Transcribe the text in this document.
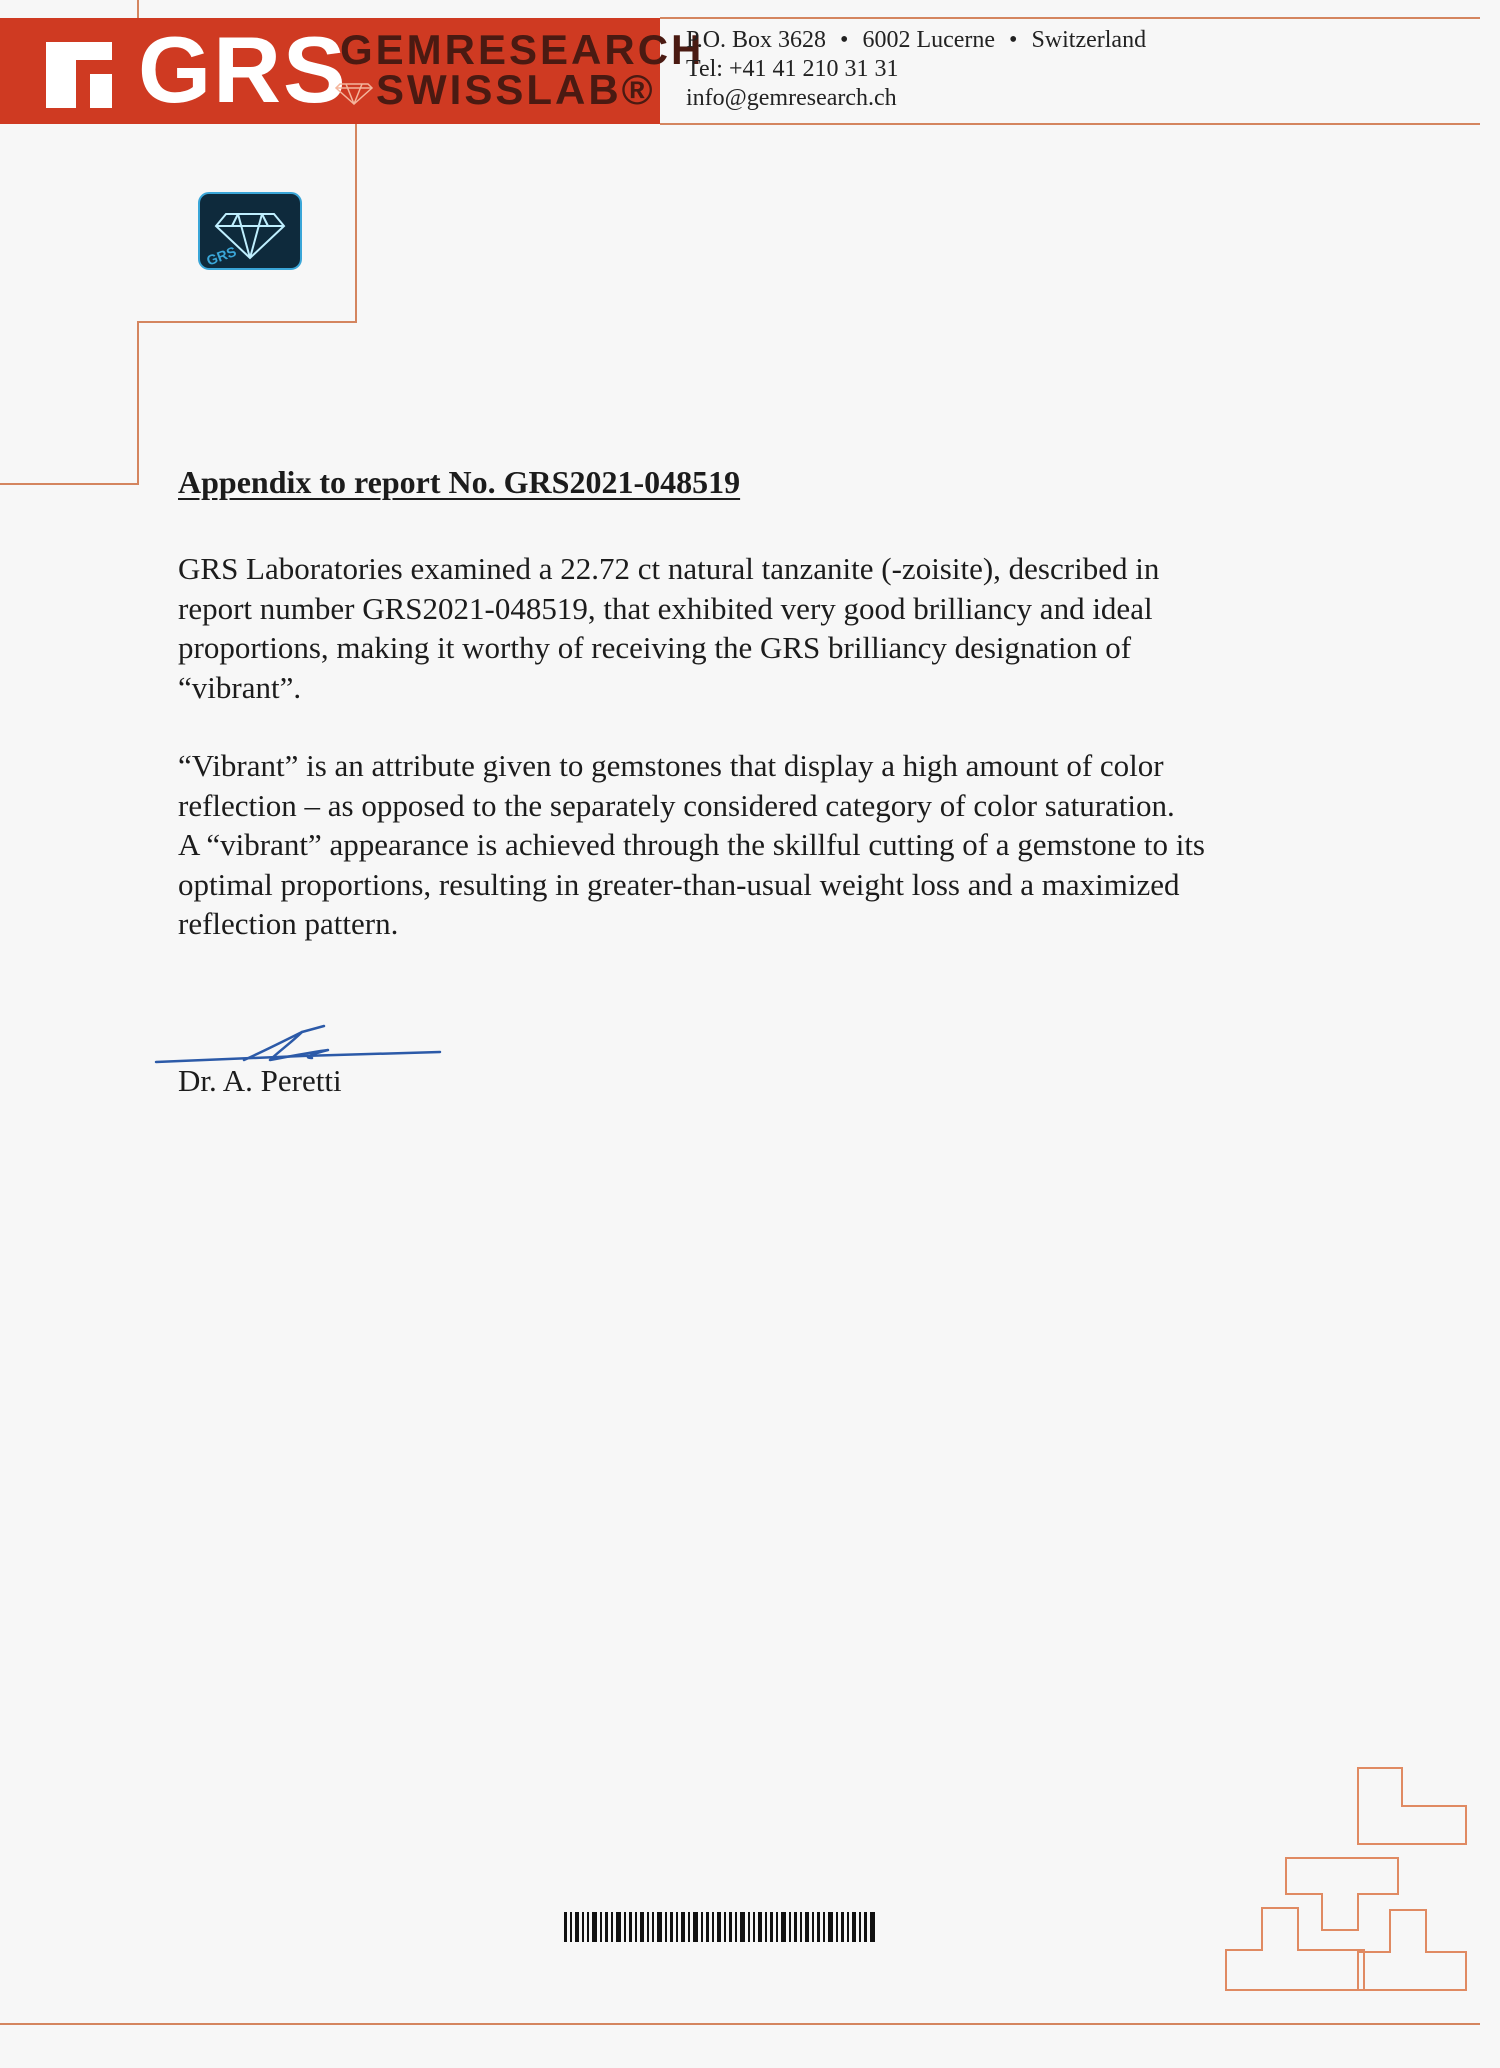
GRS
GEMRESEARCH
SWISSLAB®
P.O. Box 3628 • 6002 Lucerne • Switzerland
Tel: +41 41 210 31 31
info@gemresearch.ch
GRS
Appendix to report No. GRS2021-048519
GRS Laboratories examined a 22.72 ct natural tanzanite (-zoisite), described in
report number GRS2021-048519, that exhibited very good brilliancy and ideal
proportions, making it worthy of receiving the GRS brilliancy designation of
“vibrant”.
“Vibrant” is an attribute given to gemstones that display a high amount of color
reflection – as opposed to the separately considered category of color saturation.
A “vibrant” appearance is achieved through the skillful cutting of a gemstone to its
optimal proportions, resulting in greater-than-usual weight loss and a maximized
reflection pattern.
Dr. A. Peretti
